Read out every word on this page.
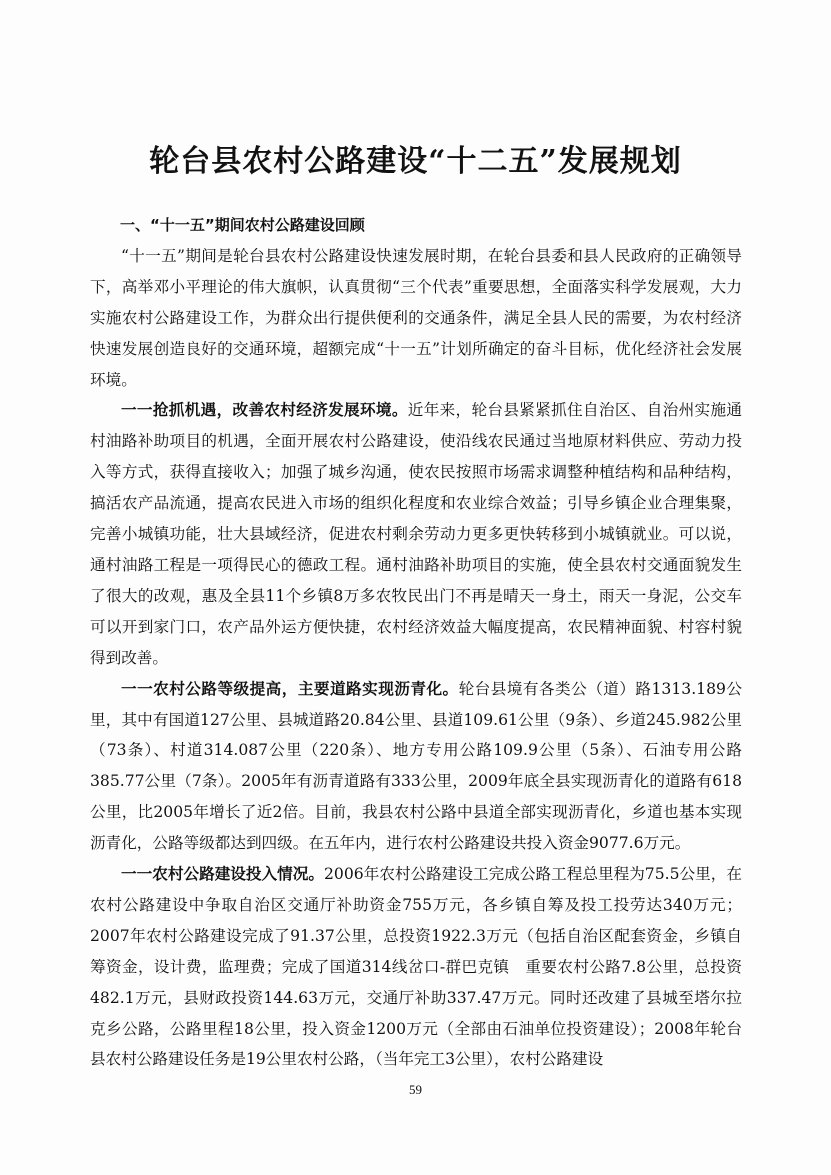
轮台县农村公路建设“十二五”发展规划

一、“十一五”期间农村公路建设回顾

“十一五”期间是轮台县农村公路建设快速发展时期，在轮台县委和县人民政府的正确领导下，高举邓小平理论的伟大旗帜，认真贯彻“三个代表”重要思想，全面落实科学发展观，大力实施农村公路建设工作，为群众出行提供便利的交通条件，满足全县人民的需要，为农村经济快速发展创造良好的交通环境，超额完成“十一五”计划所确定的奋斗目标，优化经济社会发展环境。

一一抢抓机遇，改善农村经济发展环境。近年来，轮台县紧紧抓住自治区、自治州实施通村油路补助项目的机遇，全面开展农村公路建设，使沿线农民通过当地原材料供应、劳动力投入等方式，获得直接收入；加强了城乡沟通，使农民按照市场需求调整种植结构和品种结构，搞活农产品流通，提高农民进入市场的组织化程度和农业综合效益；引导乡镇企业合理集聚，完善小城镇功能，壮大县域经济，促进农村剩余劳动力更多更快转移到小城镇就业。可以说，通村油路工程是一项得民心的德政工程。通村油路补助项目的实施，使全县农村交通面貌发生了很大的改观，惠及全县11个乡镇8万多农牧民出门不再是晴天一身土，雨天一身泥，公交车可以开到家门口，农产品外运方便快捷，农村经济效益大幅度提高，农民精神面貌、村容村貌得到改善。

一一农村公路等级提高，主要道路实现沥青化。轮台县境有各类公（道）路1313.189公里，其中有国道127公里、县城道路20.84公里、县道109.61公里（9条）、乡道245.982公里（73条）、村道314.087公里（220条）、地方专用公路109.9公里（5条）、石油专用公路385.77公里（7条）。2005年有沥青道路有333公里，2009年底全县实现沥青化的道路有618公里，比2005年增长了近2倍。目前，我县农村公路中县道全部实现沥青化，乡道也基本实现沥青化，公路等级都达到四级。在五年内，进行农村公路建设共投入资金9077.6万元。

一一农村公路建设投入情况。2006年农村公路建设工完成公路工程总里程为75.5公里，在农村公路建设中争取自治区交通厅补助资金755万元，各乡镇自筹及投工投劳达340万元；2007年农村公路建设完成了91.37公里，总投资1922.3万元（包括自治区配套资金，乡镇自筹资金，设计费，监理费；完成了国道314线岔口-群巴克镇　重要农村公路7.8公里，总投资482.1万元，县财政投资144.63万元，交通厅补助337.47万元。同时还改建了县城至塔尔拉克乡公路，公路里程18公里，投入资金1200万元（全部由石油单位投资建设）；2008年轮台县农村公路建设任务是19公里农村公路，（当年完工3公里），农村公路建设

59
